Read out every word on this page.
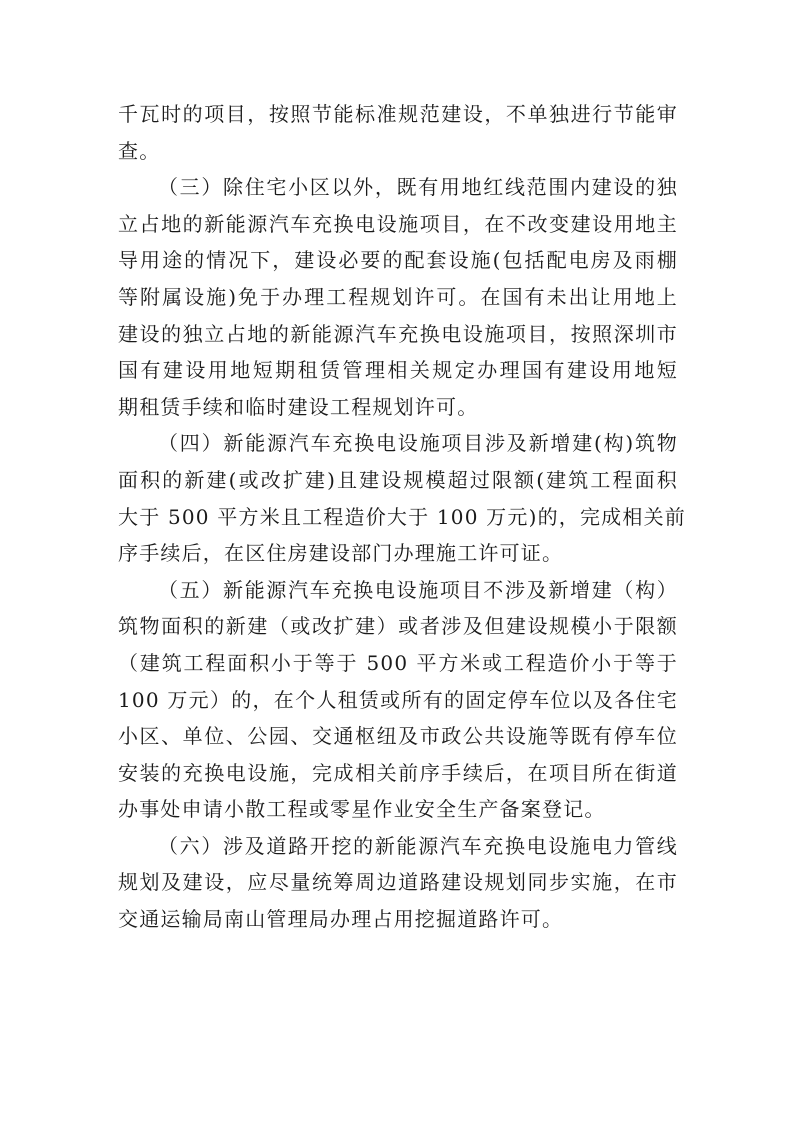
千瓦时的项目，按照节能标准规范建设，不单独进行节能审
查。
（三）除住宅小区以外，既有用地红线范围内建设的独
立占地的新能源汽车充换电设施项目，在不改变建设用地主
导用途的情况下，建设必要的配套设施(包括配电房及雨棚
等附属设施)免于办理工程规划许可。在国有未出让用地上
建设的独立占地的新能源汽车充换电设施项目，按照深圳市
国有建设用地短期租赁管理相关规定办理国有建设用地短
期租赁手续和临时建设工程规划许可。
（四）新能源汽车充换电设施项目涉及新增建(构)筑物
面积的新建(或改扩建)且建设规模超过限额(建筑工程面积
大于 500 平方米且工程造价大于 100 万元)的，完成相关前
序手续后，在区住房建设部门办理施工许可证。
（五）新能源汽车充换电设施项目不涉及新增建（构）
筑物面积的新建（或改扩建）或者涉及但建设规模小于限额
（建筑工程面积小于等于 500 平方米或工程造价小于等于
100 万元）的，在个人租赁或所有的固定停车位以及各住宅
小区、单位、公园、交通枢纽及市政公共设施等既有停车位
安装的充换电设施，完成相关前序手续后，在项目所在街道
办事处申请小散工程或零星作业安全生产备案登记。
（六）涉及道路开挖的新能源汽车充换电设施电力管线
规划及建设，应尽量统筹周边道路建设规划同步实施，在市
交通运输局南山管理局办理占用挖掘道路许可。
